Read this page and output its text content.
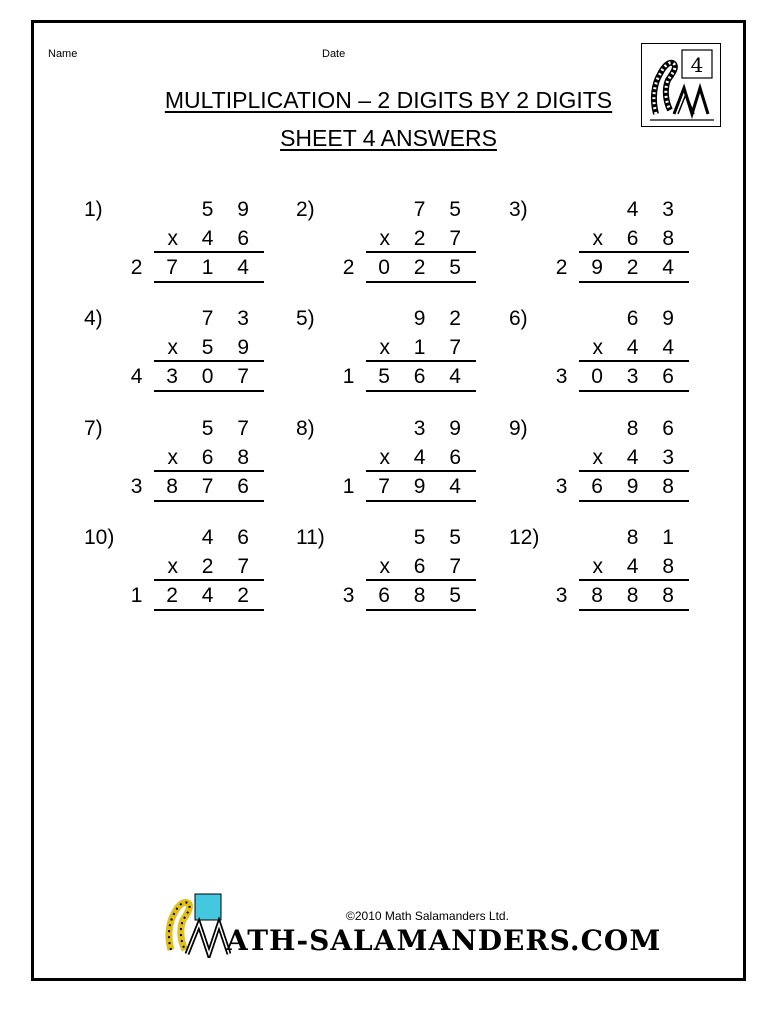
Name	Date
MULTIPLICATION – 2 DIGITS BY 2 DIGITS
SHEET 4 ANSWERS
4
1)	5 9
x 4 6
2 7 1 4
2)	7 5
x 2 7
2 0 2 5
3)	4 3
x 6 8
2 9 2 4
4)	7 3
x 5 9
4 3 0 7
5)	9 2
x 1 7
1 5 6 4
6)	6 9
x 4 4
3 0 3 6
7)	5 7
x 6 8
3 8 7 6
8)	3 9
x 4 6
1 7 9 4
9)	8 6
x 4 3
3 6 9 8
10)	4 6
x 2 7
1 2 4 2
11)	5 5
x 6 7
3 6 8 5
12)	8 1
x 4 8
3 8 8 8
©2010 Math Salamanders Ltd.
ATH-SALAMANDERS.COM
